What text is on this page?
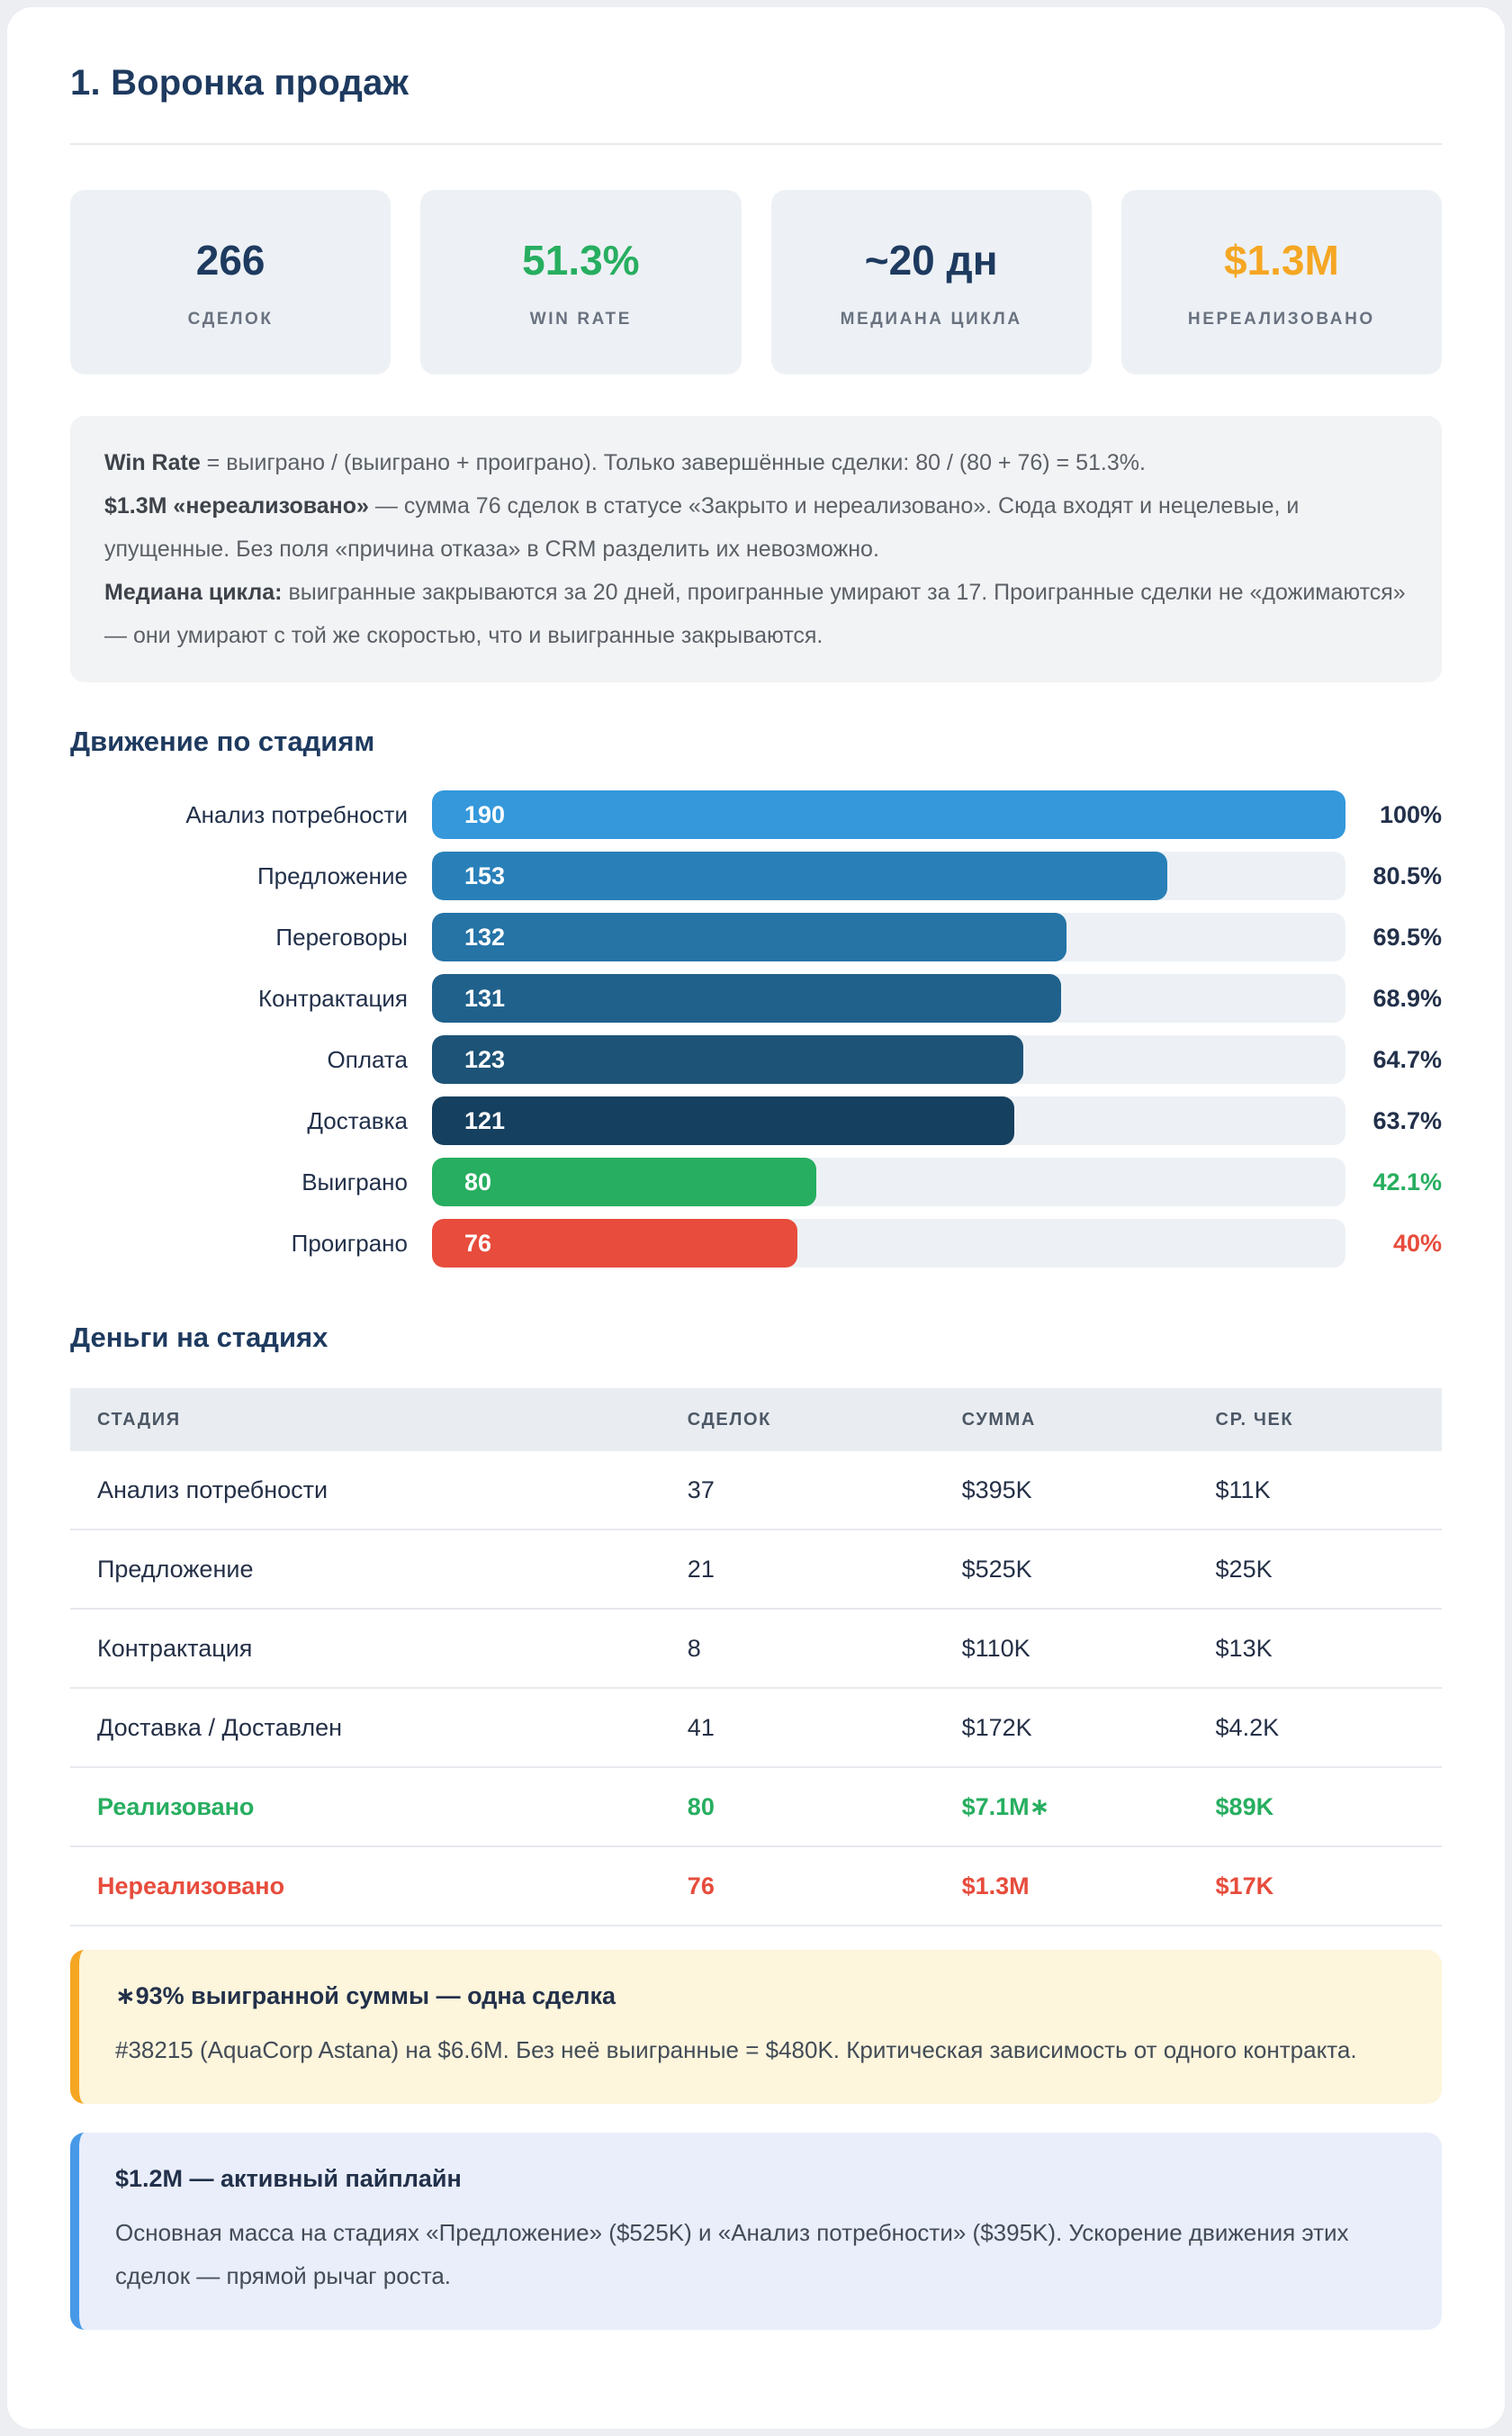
1. Воронка продаж
266
СДЕЛОК
51.3%
WIN RATE
~20 дн
МЕДИАНА ЦИКЛА
$1.3M
НЕРЕАЛИЗОВАНО
Win Rate = выиграно / (выиграно + проиграно). Только завершённые сделки: 80 / (80 + 76) = 51.3%.
$1.3M «нереализовано» — сумма 76 сделок в статусе «Закрыто и нереализовано». Сюда входят и нецелевые, и упущенные. Без поля «причина отказа» в CRM разделить их невозможно.
Медиана цикла: выигранные закрываются за 20 дней, проигранные умирают за 17. Проигранные сделки не «дожимаются» — они умирают с той же скоростью, что и выигранные закрываются.
Движение по стадиям
Анализ потребности	190	100%
Предложение	153	80.5%
Переговоры	132	69.5%
Контрактация	131	68.9%
Оплата	123	64.7%
Доставка	121	63.7%
Выиграно	80	42.1%
Проиграно	76	40%
Деньги на стадиях
СТАДИЯ	СДЕЛОК	СУММА	СР. ЧЕК
Анализ потребности	37	$395K	$11K
Предложение	21	$525K	$25K
Контрактация	8	$110K	$13K
Доставка / Доставлен	41	$172K	$4.2K
Реализовано	80	$7.1M∗	$89K
Нереализовано	76	$1.3M	$17K
∗93% выигранной суммы — одна сделка
#38215 (AquaCorp Astana) на $6.6M. Без неё выигранные = $480K. Критическая зависимость от одного контракта.
$1.2M — активный пайплайн
Основная масса на стадиях «Предложение» ($525K) и «Анализ потребности» ($395K). Ускорение движения этих сделок — прямой рычаг роста.
